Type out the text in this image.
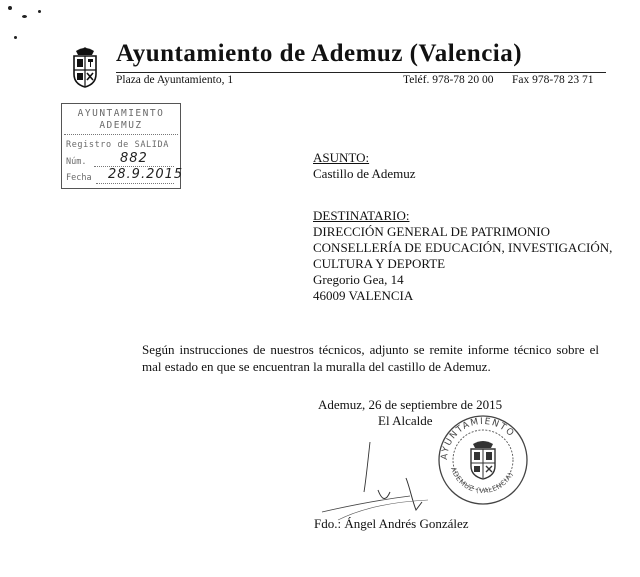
Ayuntamiento de Ademuz (Valencia)
Plaza de Ayuntamiento, 1	Teléf. 978-78 20 00 Fax 978-78 23 71
AYUNTAMIENTO
ADEMUZ
Registro de SALIDA
Núm.	882
Fecha 28.9.2015
ASUNTO:
Castillo de Ademuz
DESTINATARIO:
DIRECCIÓN GENERAL DE PATRIMONIO
CONSELLERÍA DE EDUCACIÓN, INVESTIGACIÓN,
CULTURA Y DEPORTE
Gregorio Gea, 14
46009 VALENCIA
Según instrucciones de nuestros técnicos, adjunto se remite informe técnico sobre el mal estado en que se encuentran la muralla del castillo de Ademuz.
Ademuz, 26 de septiembre de 2015
El Alcalde
AYUNTAMIENTO
ADEMUZ (VALENCIA)
Fdo.: Ángel Andrés González
